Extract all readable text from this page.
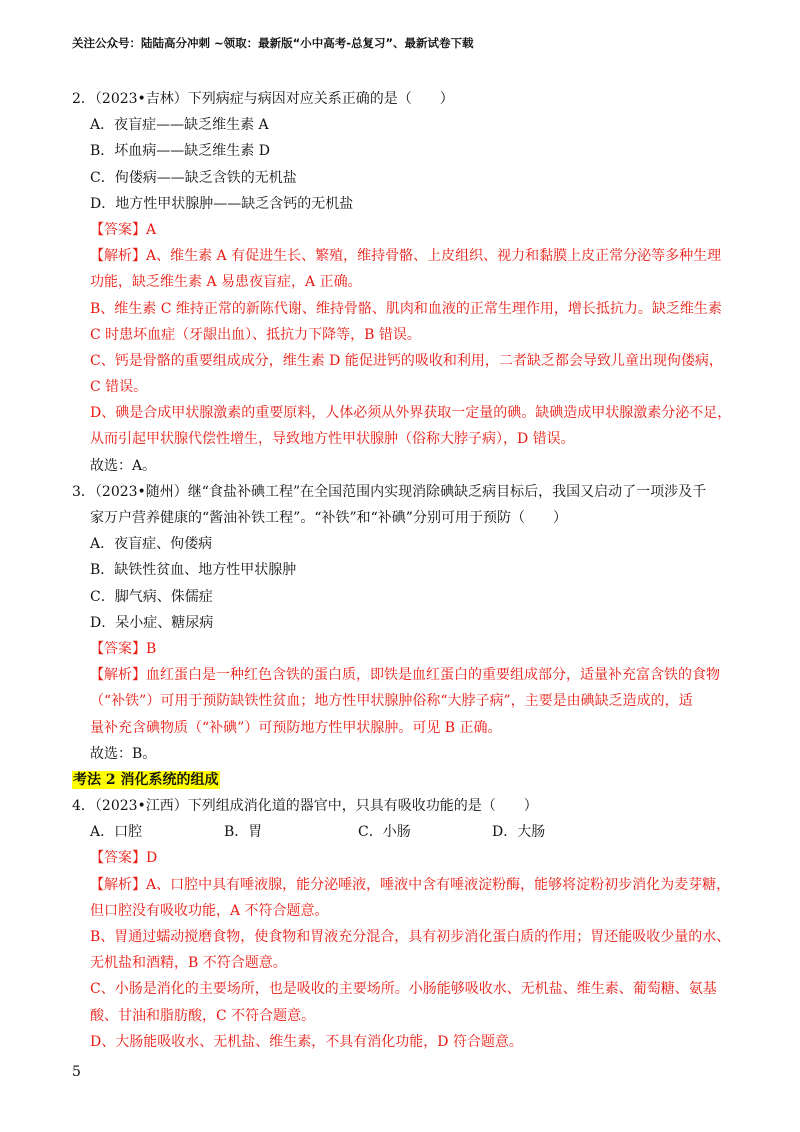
关注公众号：陆陆高分冲刺 ~领取：最新版“小中高考-总复习”、最新试卷下载
2．（2023•吉林）下列病症与病因对应关系正确的是（　　）
A．夜盲症——缺乏维生素 A
B．坏血病——缺乏维生素 D
C．佝偻病——缺乏含铁的无机盐
D．地方性甲状腺肿——缺乏含钙的无机盐
【答案】A
【解析】A、维生素 A 有促进生长、繁殖，维持骨骼、上皮组织、视力和黏膜上皮正常分泌等多种生理
功能，缺乏维生素 A 易患夜盲症，A 正确。
B、维生素 C 维持正常的新陈代谢、维持骨骼、肌肉和血液的正常生理作用，增长抵抗力。缺乏维生素
C 时患坏血症（牙龈出血）、抵抗力下降等，B 错误。
C、钙是骨骼的重要组成成分，维生素 D 能促进钙的吸收和利用，二者缺乏都会导致儿童出现佝偻病，
C 错误。
D、碘是合成甲状腺激素的重要原料，人体必须从外界获取一定量的碘。缺碘造成甲状腺激素分泌不足，
从而引起甲状腺代偿性增生，导致地方性甲状腺肿（俗称大脖子病），D 错误。
故选：A。
3．（2023•随州）继“食盐补碘工程”在全国范围内实现消除碘缺乏病目标后，我国又启动了一项涉及千
家万户营养健康的“酱油补铁工程”。“补铁”和“补碘”分别可用于预防（　　）
A．夜盲症、佝偻病
B．缺铁性贫血、地方性甲状腺肿
C．脚气病、侏儒症
D．呆小症、糖尿病
【答案】B
【解析】血红蛋白是一种红色含铁的蛋白质，即铁是血红蛋白的重要组成部分，适量补充富含铁的食物
（“补铁”）可用于预防缺铁性贫血；地方性甲状腺肿俗称“大脖子病”，主要是由碘缺乏造成的，适
量补充含碘物质（“补碘”）可预防地方性甲状腺肿。可见 B 正确。
故选：B。
考法 2 消化系统的组成
4．（2023•江西）下列组成消化道的器官中，只具有吸收功能的是（　　）
A．口腔	B．胃	C．小肠	D．大肠
【答案】D
【解析】A、口腔中具有唾液腺，能分泌唾液，唾液中含有唾液淀粉酶，能够将淀粉初步消化为麦芽糖，
但口腔没有吸收功能，A 不符合题意。
B、胃通过蠕动搅磨食物，使食物和胃液充分混合，具有初步消化蛋白质的作用；胃还能吸收少量的水、
无机盐和酒精，B 不符合题意。
C、小肠是消化的主要场所，也是吸收的主要场所。小肠能够吸收水、无机盐、维生素、葡萄糖、氨基
酸、甘油和脂肪酸，C 不符合题意。
D、大肠能吸收水、无机盐、维生素，不具有消化功能，D 符合题意。
5
